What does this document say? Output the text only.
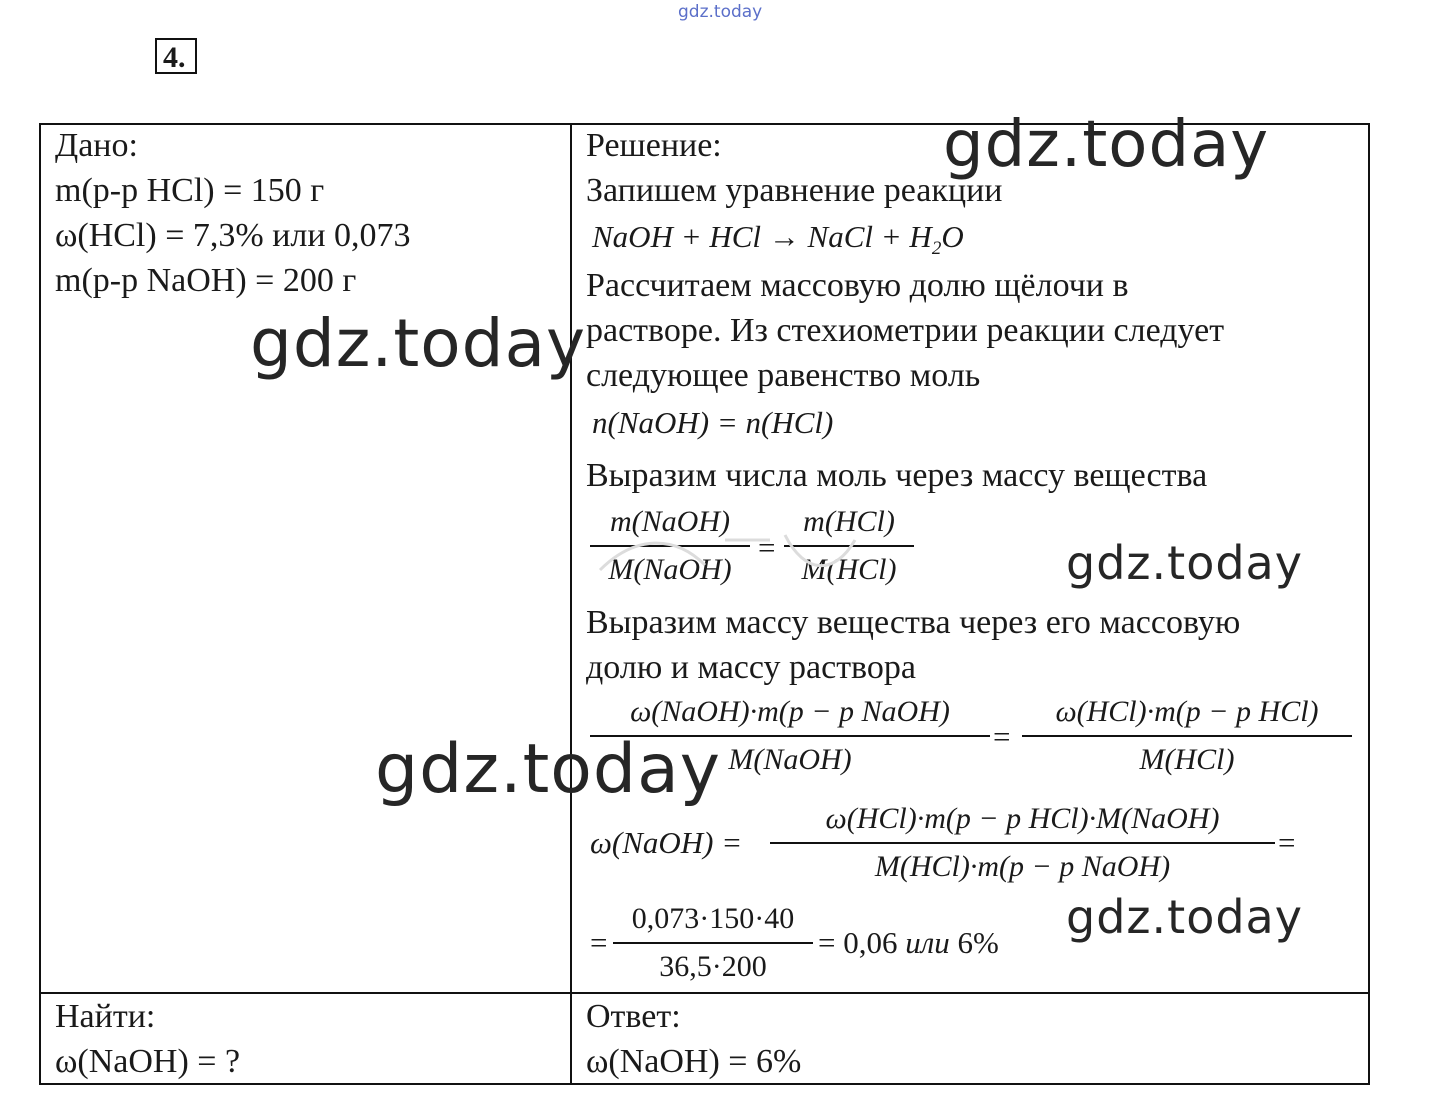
gdz.today
4.
Дано:
m(р-р HCl) = 150 г
ω(HCl) = 7,3% или 0,073
m(р-р NaOH) = 200 г
Найти:
ω(NaOH) = ?
Решение:
Запишем уравнение реакции
NaOH + HCl → NaCl + $H_2O$
Рассчитаем массовую долю щёлочи в
растворе. Из стехиометрии реакции следует
следующее равенство моль
n(NaOH) = n(HCl)
Выразим числа моль через массу вещества
m(NaOH)
M(NaOH)
=
m(HCl)
M(HCl)
Выразим массу вещества через его массовую
долю и массу раствора
ω(NaOH)·m(p − p NaOH)
M(NaOH)
=
ω(HCl)·m(p − p HCl)
M(HCl)
ω(NaOH) =
ω(HCl)·m(p − p HCl)·M(NaOH)
M(HCl)·m(p − p NaOH)
=
=
0,073·150·40
36,5·200
= 0,06 или 6%
Ответ:
ω(NaOH) = 6%
gdz.today
gdz.today
gdz.today
gdz.today
gdz.today
